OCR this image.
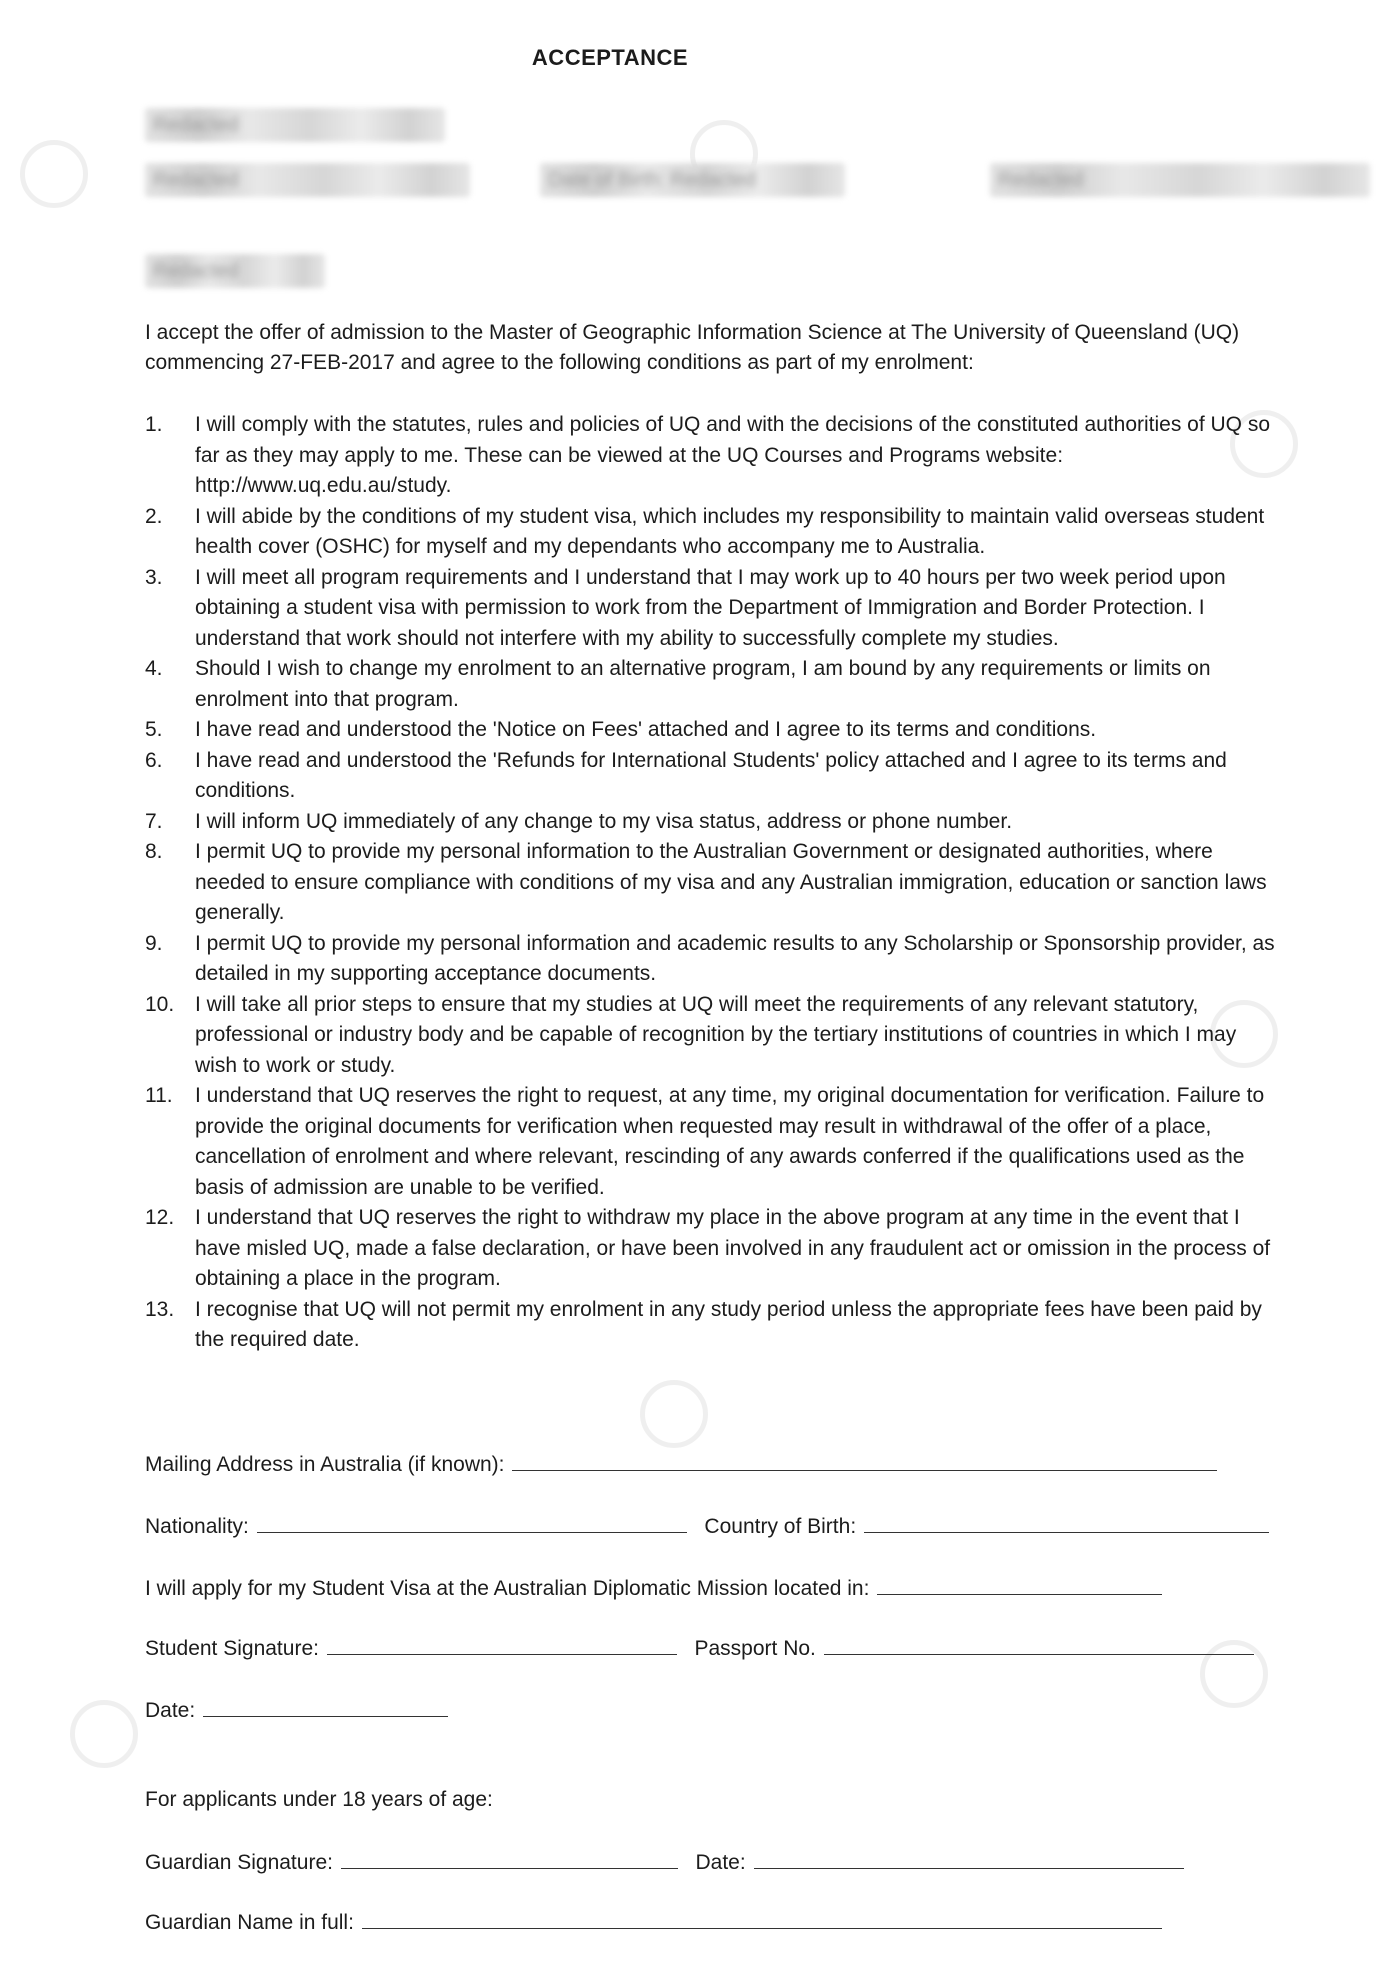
ACCEPTANCE
Redacted
Redacted	Date of Birth: Redacted	Redacted
Redacted
I accept the offer of admission to the Master of Geographic Information Science at The University of Queensland (UQ) commencing 27-FEB-2017 and agree to the following conditions as part of my enrolment:
1.	I will comply with the statutes, rules and policies of UQ and with the decisions of the constituted authorities of UQ so far as they may apply to me. These can be viewed at the UQ Courses and Programs website: http://www.uq.edu.au/study.
2.	I will abide by the conditions of my student visa, which includes my responsibility to maintain valid overseas student health cover (OSHC) for myself and my dependants who accompany me to Australia.
3.	I will meet all program requirements and I understand that I may work up to 40 hours per two week period upon obtaining a student visa with permission to work from the Department of Immigration and Border Protection. I understand that work should not interfere with my ability to successfully complete my studies.
4.	Should I wish to change my enrolment to an alternative program, I am bound by any requirements or limits on enrolment into that program.
5.	I have read and understood the 'Notice on Fees' attached and I agree to its terms and conditions.
6.	I have read and understood the 'Refunds for International Students' policy attached and I agree to its terms and conditions.
7.	I will inform UQ immediately of any change to my visa status, address or phone number.
8.	I permit UQ to provide my personal information to the Australian Government or designated authorities, where needed to ensure compliance with conditions of my visa and any Australian immigration, education or sanction laws generally.
9.	I permit UQ to provide my personal information and academic results to any Scholarship or Sponsorship provider, as detailed in my supporting acceptance documents.
10. I will take all prior steps to ensure that my studies at UQ will meet the requirements of any relevant statutory, professional or industry body and be capable of recognition by the tertiary institutions of countries in which I may wish to work or study.
11.	I understand that UQ reserves the right to request, at any time, my original documentation for verification. Failure to provide the original documents for verification when requested may result in withdrawal of the offer of a place, cancellation of enrolment and where relevant, rescinding of any awards conferred if the qualifications used as the basis of admission are unable to be verified.
12. I understand that UQ reserves the right to withdraw my place in the above program at any time in the event that I have misled UQ, made a false declaration, or have been involved in any fraudulent act or omission in the process of obtaining a place in the program.
13. I recognise that UQ will not permit my enrolment in any study period unless the appropriate fees have been paid by the required date.
Mailing Address in Australia (if known):
Nationality:	Country of Birth:
I will apply for my Student Visa at the Australian Diplomatic Mission located in:
Student Signature:	Passport No.
Date:
For applicants under 18 years of age:
Guardian Signature:	Date:
Guardian Name in full:
